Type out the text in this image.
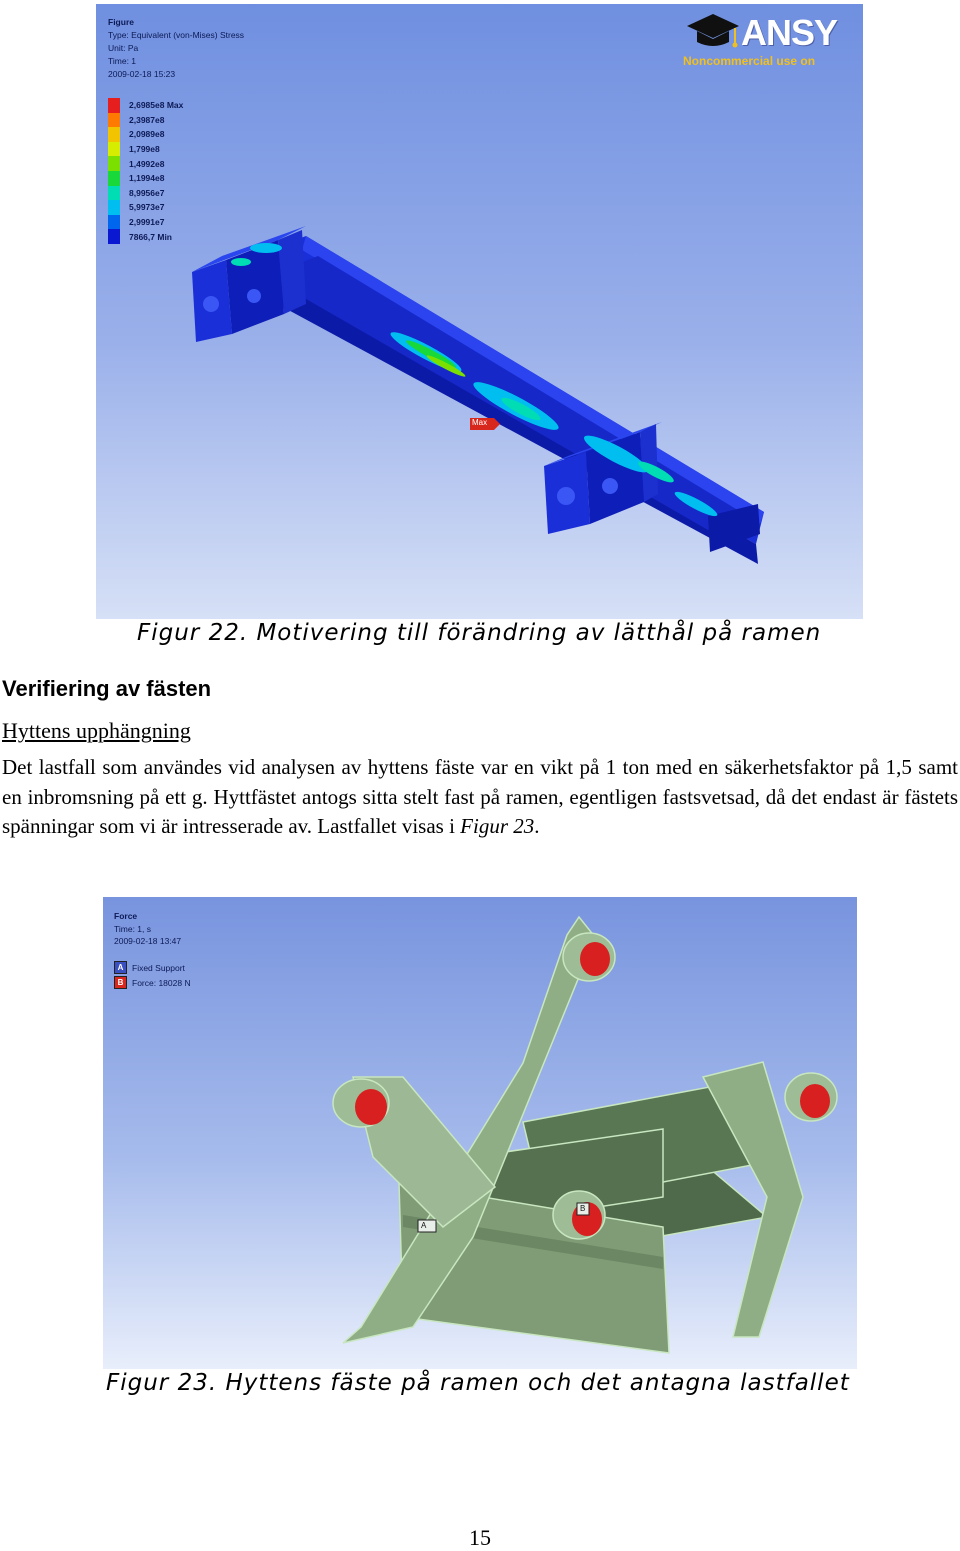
Figure
Type: Equivalent (von-Mises) Stress
Unit: Pa
Time: 1
2009-02-18 15:23
2,6985e8 Max
2,3987e8
2,0989e8
1,799e8
1,4992e8
1,1994e8
8,9956e7
5,9973e7
2,9991e7
7866,7 Min
ANSY
Noncommercial use on
Max
Figur 22. Motivering till förändring av lätthål på ramen
Verifiering av fästen
Hyttens upphängning
Det lastfall som användes vid analysen av hyttens fäste var en vikt på 1 ton med en säkerhetsfaktor på 1,5 samt en inbromsning på ett g. Hyttfästet antogs sitta stelt fast på ramen, egentligen fastsvetsad, då det endast är fästets spänningar som vi är intresserade av. Lastfallet visas i Figur 23.
Force
Time: 1, s
2009-02-18 13:47
A	Fixed Support
B	Force: 18028 N
A
B
Figur 23. Hyttens fäste på ramen och det antagna lastfallet
15
